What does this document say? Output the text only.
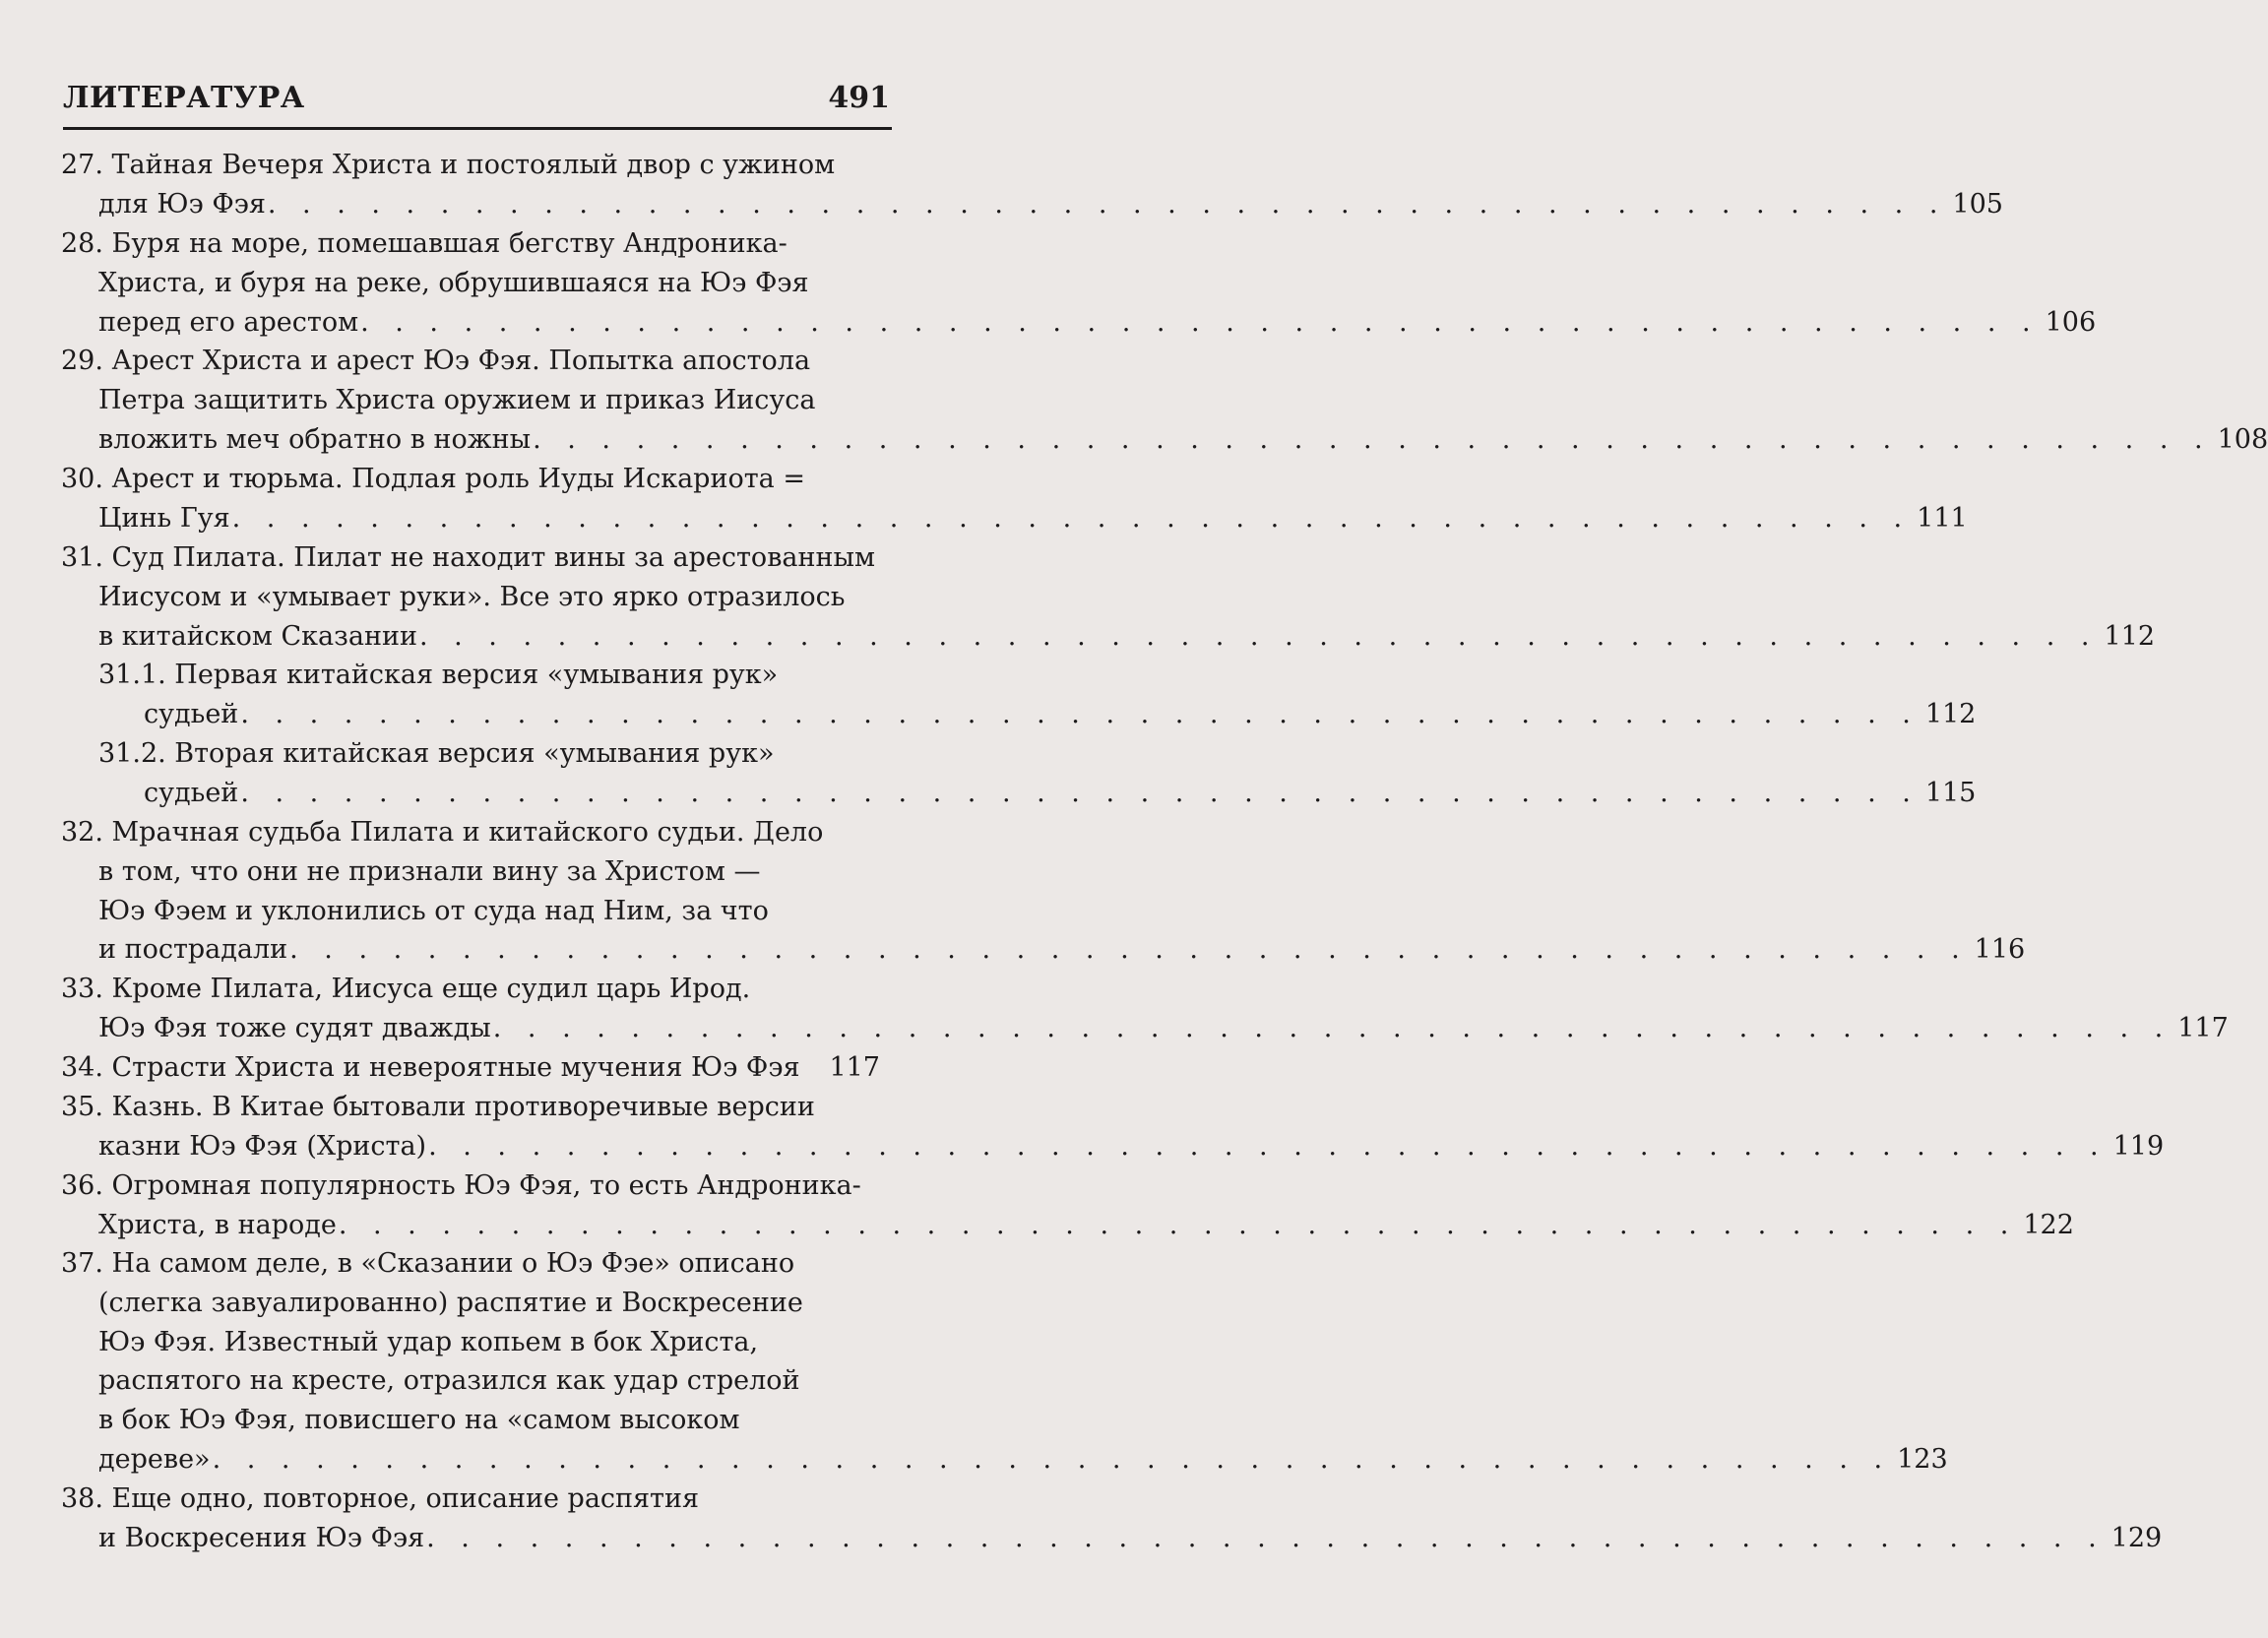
ЛИТЕРАТУРА	491
27. Тайная Вечеря Христа и постоялый двор с ужином
для Юэ Фэя . . . . . . . . . . . . . . . . . . . . . . . . . . . . . . . . . . . . . . . . . . . . . . . . . 105
28. Буря на море, помешавшая бегству Андроника-
Христа, и буря на реке, обрушившаяся на Юэ Фэя
перед его арестом . . . . . . . . . . . . . . . . . . . . . . . . . . . . . . . . . . . . . . . . . . . . . . . . . 106
29. Арест Христа и арест Юэ Фэя. Попытка апостола
Петра защитить Христа оружием и приказ Иисуса
вложить меч обратно в ножны . . . . . . . . . . . . . . . . . . . . . . . . . . . . . . . . . . . . . . . . . . . . . . . . . 108
30. Арест и тюрьма. Подлая роль Иуды Искариота =
Цинь Гуя . . . . . . . . . . . . . . . . . . . . . . . . . . . . . . . . . . . . . . . . . . . . . . . . . 111
31. Суд Пилата. Пилат не находит вины за арестованным
Иисусом и «умывает руки». Все это ярко отразилось
в китайском Сказании . . . . . . . . . . . . . . . . . . . . . . . . . . . . . . . . . . . . . . . . . . . . . . . . . 112
31.1. Первая китайская версия «умывания рук»
судьей . . . . . . . . . . . . . . . . . . . . . . . . . . . . . . . . . . . . . . . . . . . . . . . . . 112
31.2. Вторая китайская версия «умывания рук»
судьей . . . . . . . . . . . . . . . . . . . . . . . . . . . . . . . . . . . . . . . . . . . . . . . . . 115
32. Мрачная судьба Пилата и китайского судьи. Дело
в том, что они не признали вину за Христом —
Юэ Фэем и уклонились от суда над Ним, за что
и пострадали . . . . . . . . . . . . . . . . . . . . . . . . . . . . . . . . . . . . . . . . . . . . . . . . . 116
33. Кроме Пилата, Иисуса еще судил царь Ирод.
Юэ Фэя тоже судят дважды . . . . . . . . . . . . . . . . . . . . . . . . . . . . . . . . . . . . . . . . . . . . . . . . . 117
34. Страсти Христа и невероятные мучения Юэ Фэя 117
35. Казнь. В Китае бытовали противоречивые версии
казни Юэ Фэя (Христа) . . . . . . . . . . . . . . . . . . . . . . . . . . . . . . . . . . . . . . . . . . . . . . . . . 119
36. Огромная популярность Юэ Фэя, то есть Андроника-
Христа, в народе . . . . . . . . . . . . . . . . . . . . . . . . . . . . . . . . . . . . . . . . . . . . . . . . . 122
37. На самом деле, в «Сказании о Юэ Фэе» описано
(слегка завуалированно) распятие и Воскресение
Юэ Фэя. Известный удар копьем в бок Христа,
распятого на кресте, отразился как удар стрелой
в бок Юэ Фэя, повисшего на «самом высоком
дереве» . . . . . . . . . . . . . . . . . . . . . . . . . . . . . . . . . . . . . . . . . . . . . . . . . 123
38. Еще одно, повторное, описание распятия
и Воскресения Юэ Фэя . . . . . . . . . . . . . . . . . . . . . . . . . . . . . . . . . . . . . . . . . . . . . . . . . 129
